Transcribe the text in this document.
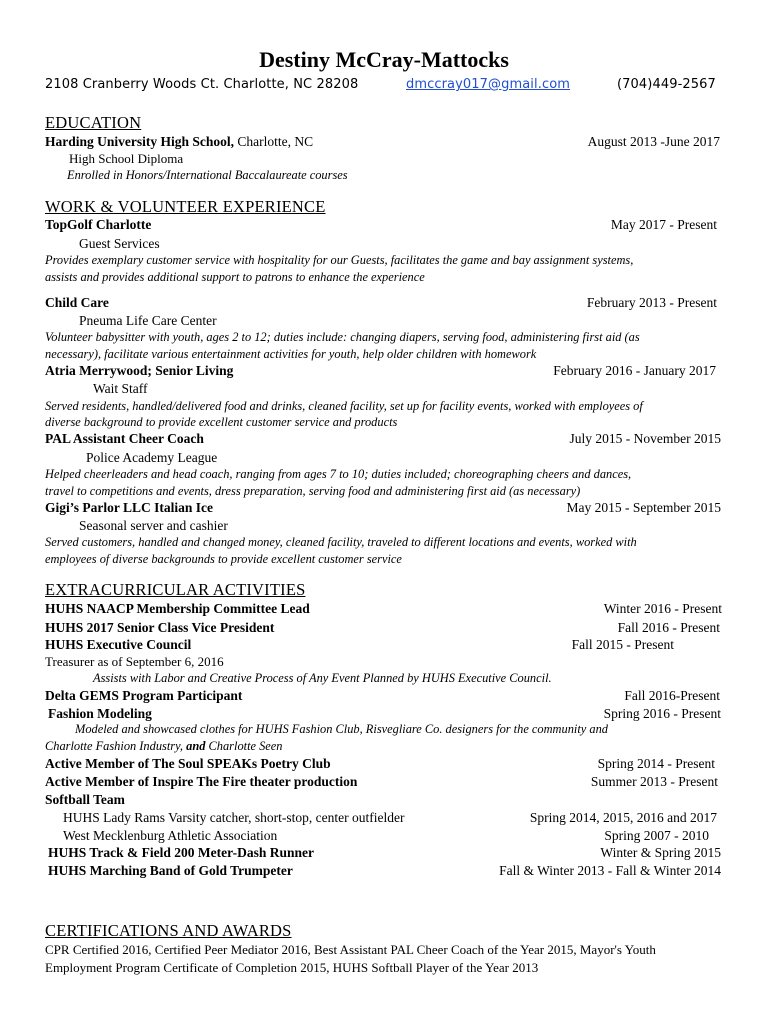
Destiny McCray-Mattocks
2108 Cranberry Woods Ct. Charlotte, NC 28208	dmccray017@gmail.com	(704)449-2567
EDUCATION
Harding University High School, Charlotte, NC	August 2013 -June 2017
High School Diploma
Enrolled in Honors/International Baccalaureate courses
WORK & VOLUNTEER EXPERIENCE
TopGolf Charlotte	May 2017 - Present
Guest Services
Provides exemplary customer service with hospitality for our Guests, facilitates the game and bay assignment systems,
assists and provides additional support to patrons to enhance the experience
Child Care	February 2013 - Present
Pneuma Life Care Center
Volunteer babysitter with youth, ages 2 to 12; duties include: changing diapers, serving food, administering first aid (as
necessary), facilitate various entertainment activities for youth, help older children with homework
Atria Merrywood; Senior Living	February 2016 - January 2017
Wait Staff
Served residents, handled/delivered food and drinks, cleaned facility, set up for facility events, worked with employees of
diverse background to provide excellent customer service and products
PAL Assistant Cheer Coach	July 2015 - November 2015
Police Academy League
Helped cheerleaders and head coach, ranging from ages 7 to 10; duties included; choreographing cheers and dances,
travel to competitions and events, dress preparation, serving food and administering first aid (as necessary)
Gigi’s Parlor LLC Italian Ice	May 2015 - September 2015
Seasonal server and cashier
Served customers, handled and changed money, cleaned facility, traveled to different locations and events, worked with
employees of diverse backgrounds to provide excellent customer service
EXTRACURRICULAR ACTIVITIES
HUHS NAACP Membership Committee Lead	Winter 2016 - Present
HUHS 2017 Senior Class Vice President	Fall 2016 - Present
HUHS Executive Council	Fall 2015 - Present
Treasurer as of September 6, 2016
Assists with Labor and Creative Process of Any Event Planned by HUHS Executive Council.
Delta GEMS Program Participant	Fall 2016-Present
Fashion Modeling	Spring 2016 - Present
Modeled and showcased clothes for HUHS Fashion Club, Risvegliare Co. designers for the community and
Charlotte Fashion Industry, and Charlotte Seen
Active Member of The Soul SPEAKs Poetry Club	Spring 2014 - Present
Active Member of Inspire The Fire theater production	Summer 2013 - Present
Softball Team
HUHS Lady Rams Varsity catcher, short-stop, center outfielder	Spring 2014, 2015, 2016 and 2017
West Mecklenburg Athletic Association	Spring 2007 - 2010
HUHS Track & Field 200 Meter-Dash Runner	Winter & Spring 2015
HUHS Marching Band of Gold Trumpeter	Fall & Winter 2013 - Fall & Winter 2014
CERTIFICATIONS AND AWARDS
CPR Certified 2016, Certified Peer Mediator 2016, Best Assistant PAL Cheer Coach of the Year 2015, Mayor's Youth
Employment Program Certificate of Completion 2015, HUHS Softball Player of the Year 2013
